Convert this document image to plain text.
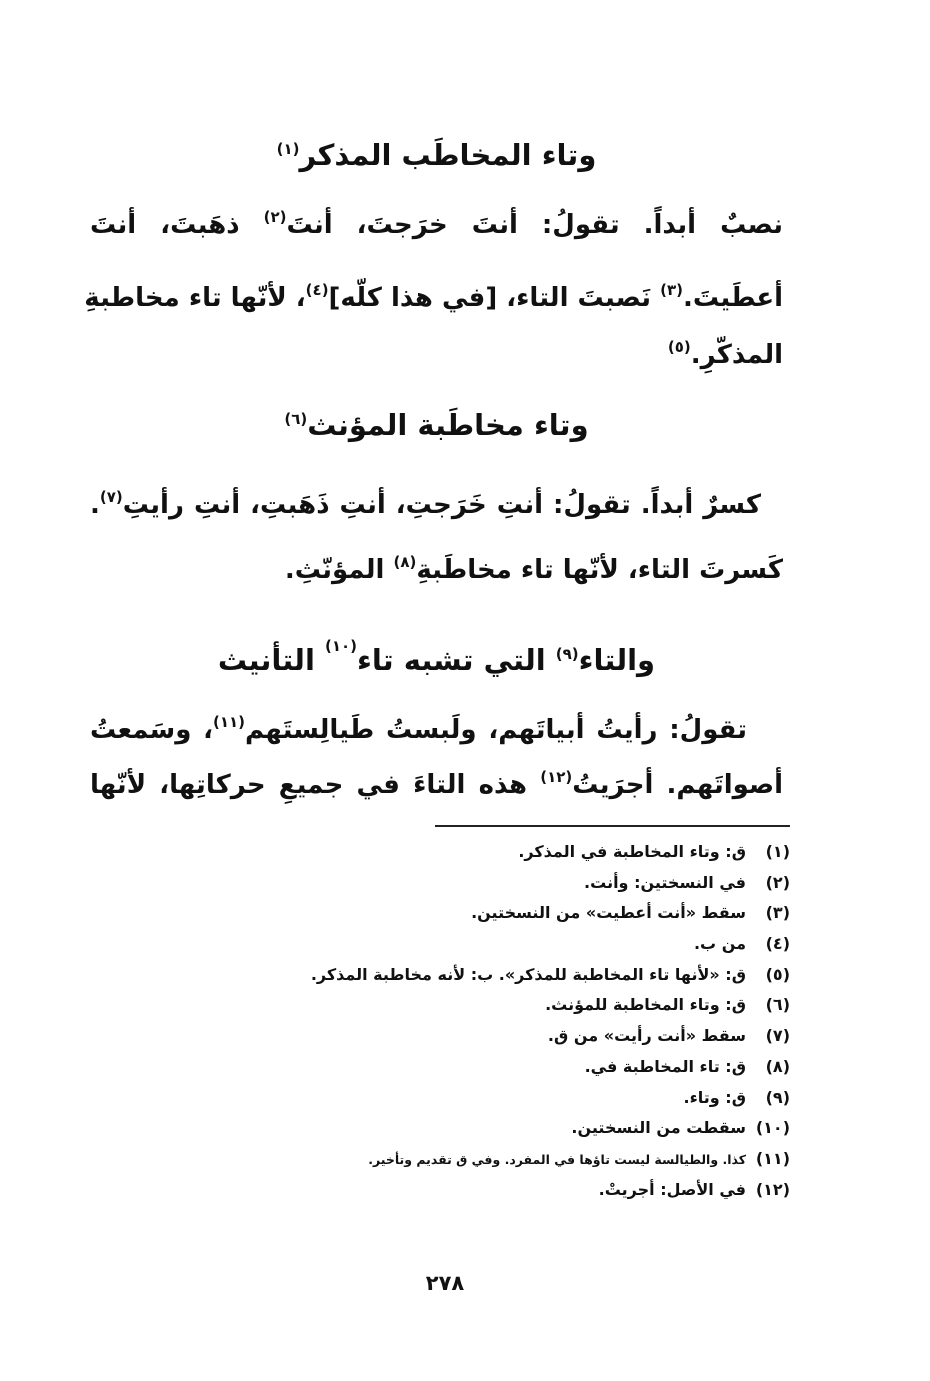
وتاء المخاطَب المذكر$^{(١)}$
نصبٌ أبداً. تقولُ: أنتَ خرَجتَ، أنتَ$^{(٢)}$ ذهَبتَ، أنتَ
أعطَيتَ.$^{(٣)}$ نَصبتَ التاء، [في هذا كلّه]$^{(٤)}$، لأنّها تاء مخاطبةِ
المذكّرِ.$^{(٥)}$
وتاء مخاطَبة المؤنث$^{(٦)}$
كسرٌ أبداً. تقولُ: أنتِ خَرَجتِ، أنتِ ذَهَبتِ، أنتِ رأيتِ$^{(٧)}$.
كَسرتَ التاء، لأنّها تاء مخاطَبةِ$^{(٨)}$ المؤنّثِ.
والتاء$^{(٩)}$ التي تشبه تاء$^{(١٠)}$ التأنيث
تقولُ: رأيتُ أبياتَهم، ولَبستُ طَيالِستَهم$^{(١١)}$، وسَمعتُ
أصواتَهم. أجرَيتُ$^{(١٢)}$ هذه التاءَ في جميعِ حركاتِها، لأنّها
(١)ق: وتاء المخاطبة في المذكر.
(٢)في النسختين: وأنت.
(٣)سقط «أنت أعطيت» من النسختين.
(٤)من ب.
(٥)ق: «لأنها تاء المخاطبة للمذكر». ب: لأنه مخاطبة المذكر.
(٦)ق: وتاء المخاطبة للمؤنث.
(٧)سقط «أنت رأيت» من ق.
(٨)ق: تاء المخاطبة في.
(٩)ق: وتاء.
(١٠)سقطت من النسختين.
(١١)كذا. والطيالسة ليست تاؤها في المفرد. وفي ق تقديم وتأخير.
(١٢)في الأصل: أجريتْ.
٢٧٨
